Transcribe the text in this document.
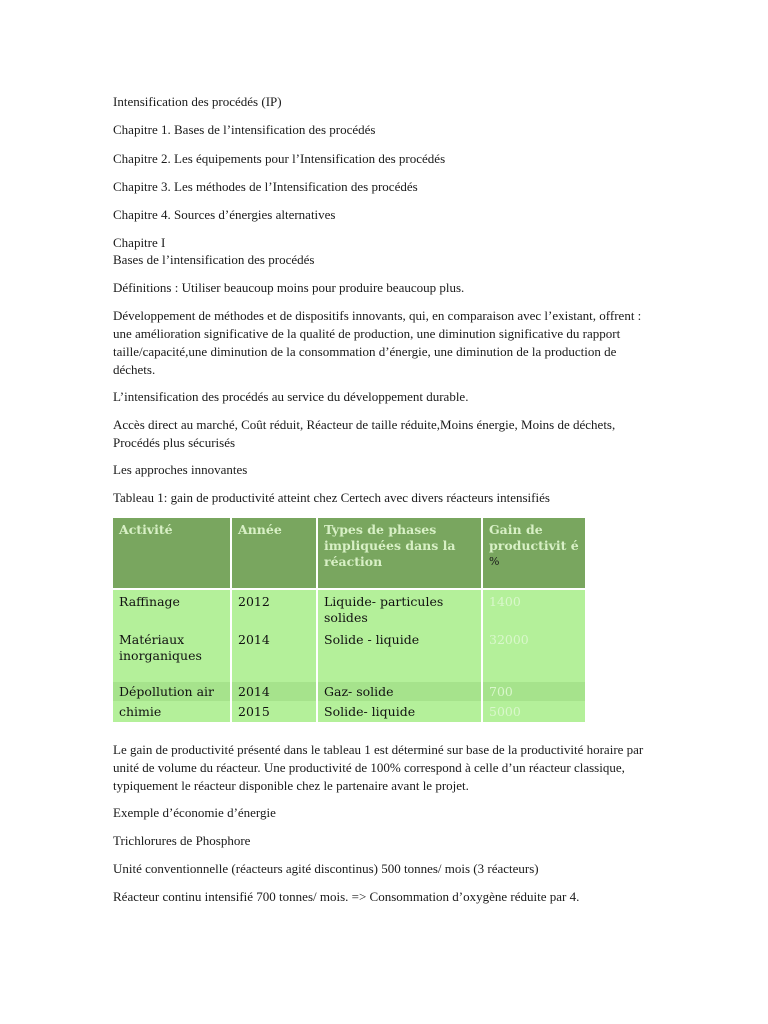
Intensification des procédés (IP)
Chapitre 1. Bases de l’intensification des procédés
Chapitre 2. Les équipements pour l’Intensification des procédés
Chapitre 3. Les méthodes de l’Intensification des procédés
Chapitre 4. Sources d’énergies alternatives
Chapitre I
Bases de l’intensification des procédés
Définitions : Utiliser beaucoup moins pour produire beaucoup plus.
Développement de méthodes et de dispositifs innovants, qui, en comparaison avec l’existant, offrent : une amélioration significative de la qualité de production, une diminution significative du rapport taille/capacité,une diminution de la consommation d’énergie, une diminution de la production de déchets.
L’intensification des procédés au service du développement durable.
Accès direct au marché, Coût réduit, Réacteur de taille réduite,Moins énergie, Moins de déchets, Procédés plus sécurisés
Les approches innovantes
Tableau 1: gain de productivité atteint chez Certech avec divers réacteurs intensifiés
Le gain de productivité présenté dans le tableau 1 est déterminé sur base de la productivité horaire par unité de volume du réacteur. Une productivité de 100% correspond à celle d’un réacteur classique, typiquement le réacteur disponible chez le partenaire avant le projet.
Exemple d’économie d’énergie
Trichlorures de Phosphore
Unité conventionnelle (réacteurs agité discontinus) 500 tonnes/ mois (3 réacteurs)
Réacteur continu intensifié 700 tonnes/ mois. => Consommation d’oxygène réduite par 4.
Activité	Année	Types de phases impliquées dans la réaction	Gain de productivit é
%

Raffinage	2012	Liquide- particules solides	1400
Matériaux inorganiques	2014	Solide - liquide	32000
Dépollution air	2014	Gaz- solide	700
chimie	2015	Solide- liquide	5000
